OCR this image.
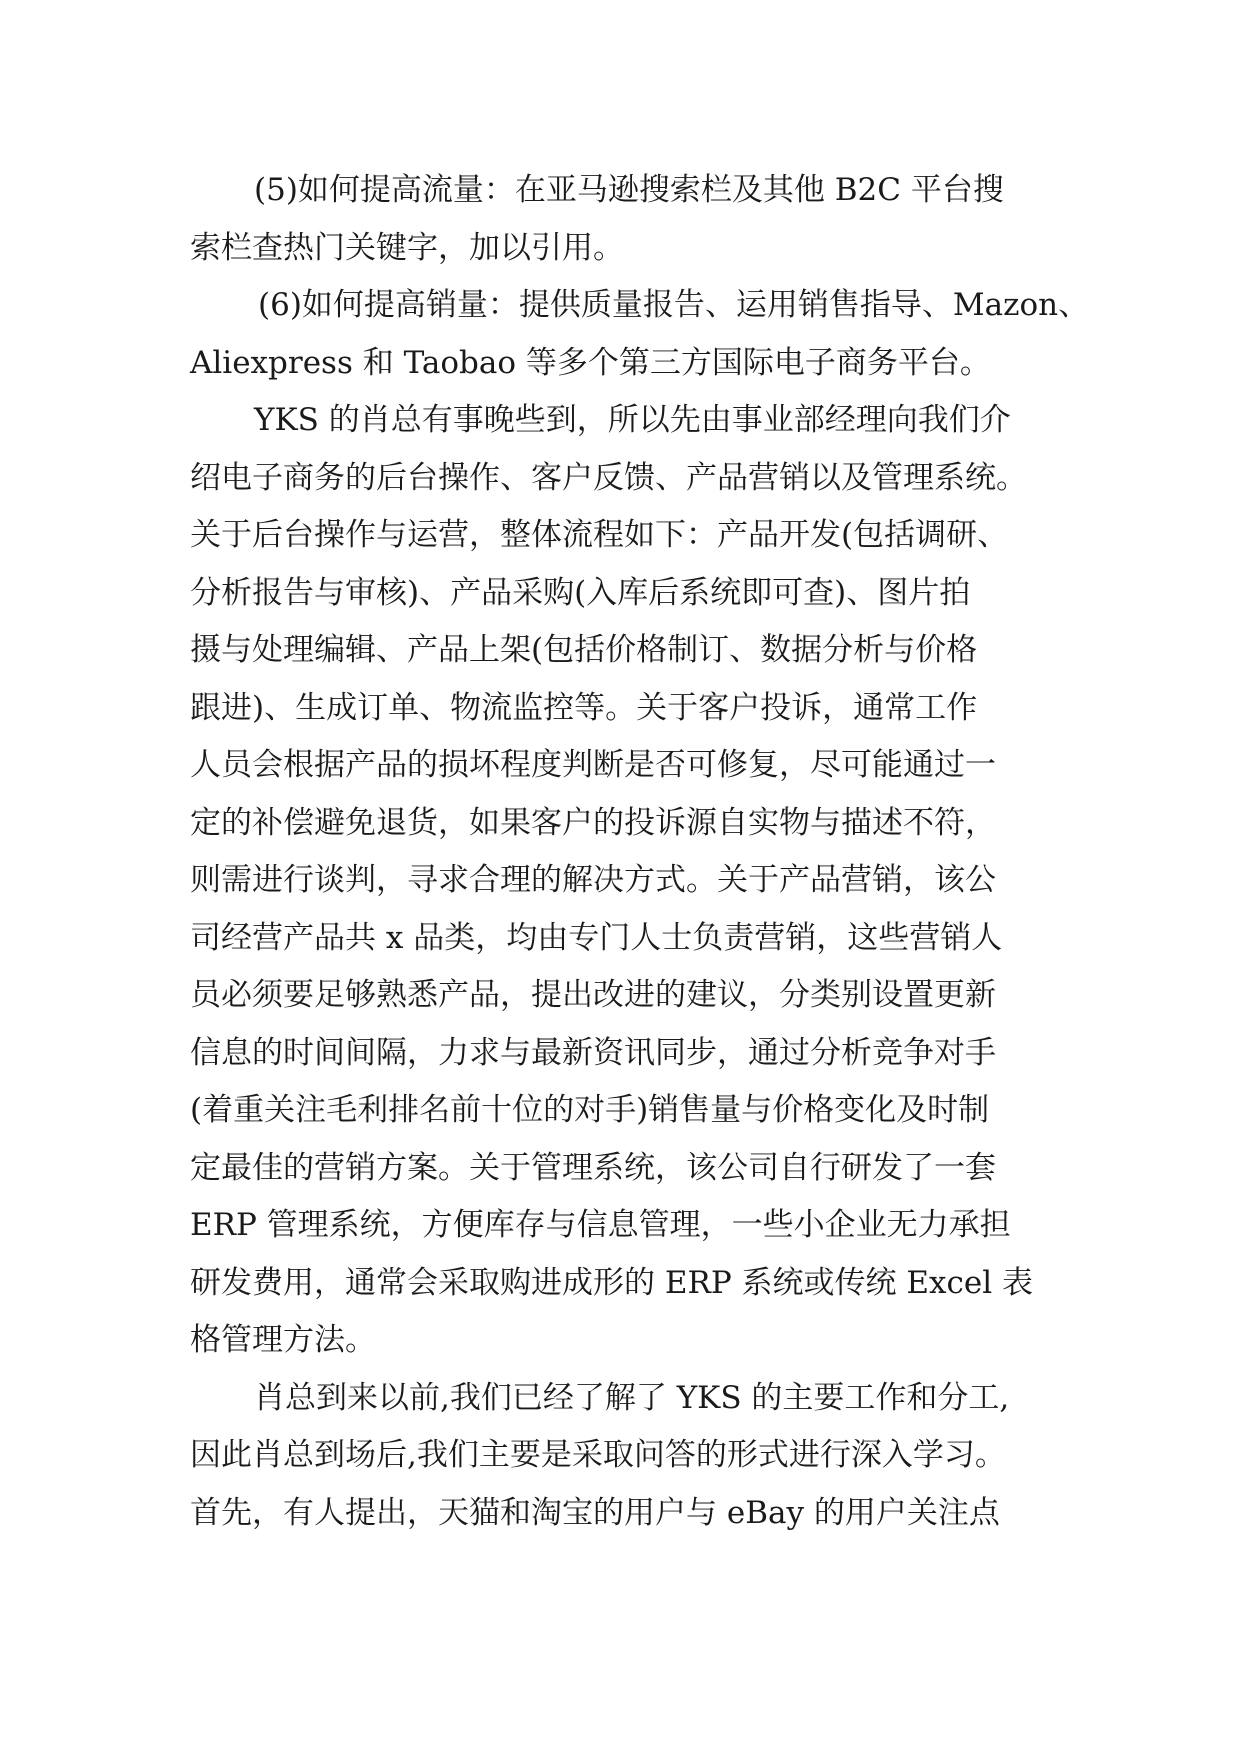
(5)如何提高流量：在亚马逊搜索栏及其他 B2C 平台搜
索栏查热门关键字，加以引用。
(6)如何提高销量：提供质量报告、运用销售指导、Mazon、
Aliexpress 和 Taobao 等多个第三方国际电子商务平台。
YKS 的肖总有事晚些到，所以先由事业部经理向我们介
绍电子商务的后台操作、客户反馈、产品营销以及管理系统。
关于后台操作与运营，整体流程如下：产品开发(包括调研、
分析报告与审核)、产品采购(入库后系统即可查)、图片拍
摄与处理编辑、产品上架(包括价格制订、数据分析与价格
跟进)、生成订单、物流监控等。关于客户投诉，通常工作
人员会根据产品的损坏程度判断是否可修复，尽可能通过一
定的补偿避免退货，如果客户的投诉源自实物与描述不符，
则需进行谈判，寻求合理的解决方式。关于产品营销，该公
司经营产品共 x 品类，均由专门人士负责营销，这些营销人
员必须要足够熟悉产品，提出改进的建议，分类别设置更新
信息的时间间隔，力求与最新资讯同步，通过分析竞争对手
(着重关注毛利排名前十位的对手)销售量与价格变化及时制
定最佳的营销方案。关于管理系统，该公司自行研发了一套
ERP 管理系统，方便库存与信息管理，一些小企业无力承担
研发费用，通常会采取购进成形的 ERP 系统或传统 Excel 表
格管理方法。
肖总到来以前,我们已经了解了 YKS 的主要工作和分工,
因此肖总到场后,我们主要是采取问答的形式进行深入学习。
首先，有人提出，天猫和淘宝的用户与 eBay 的用户关注点
